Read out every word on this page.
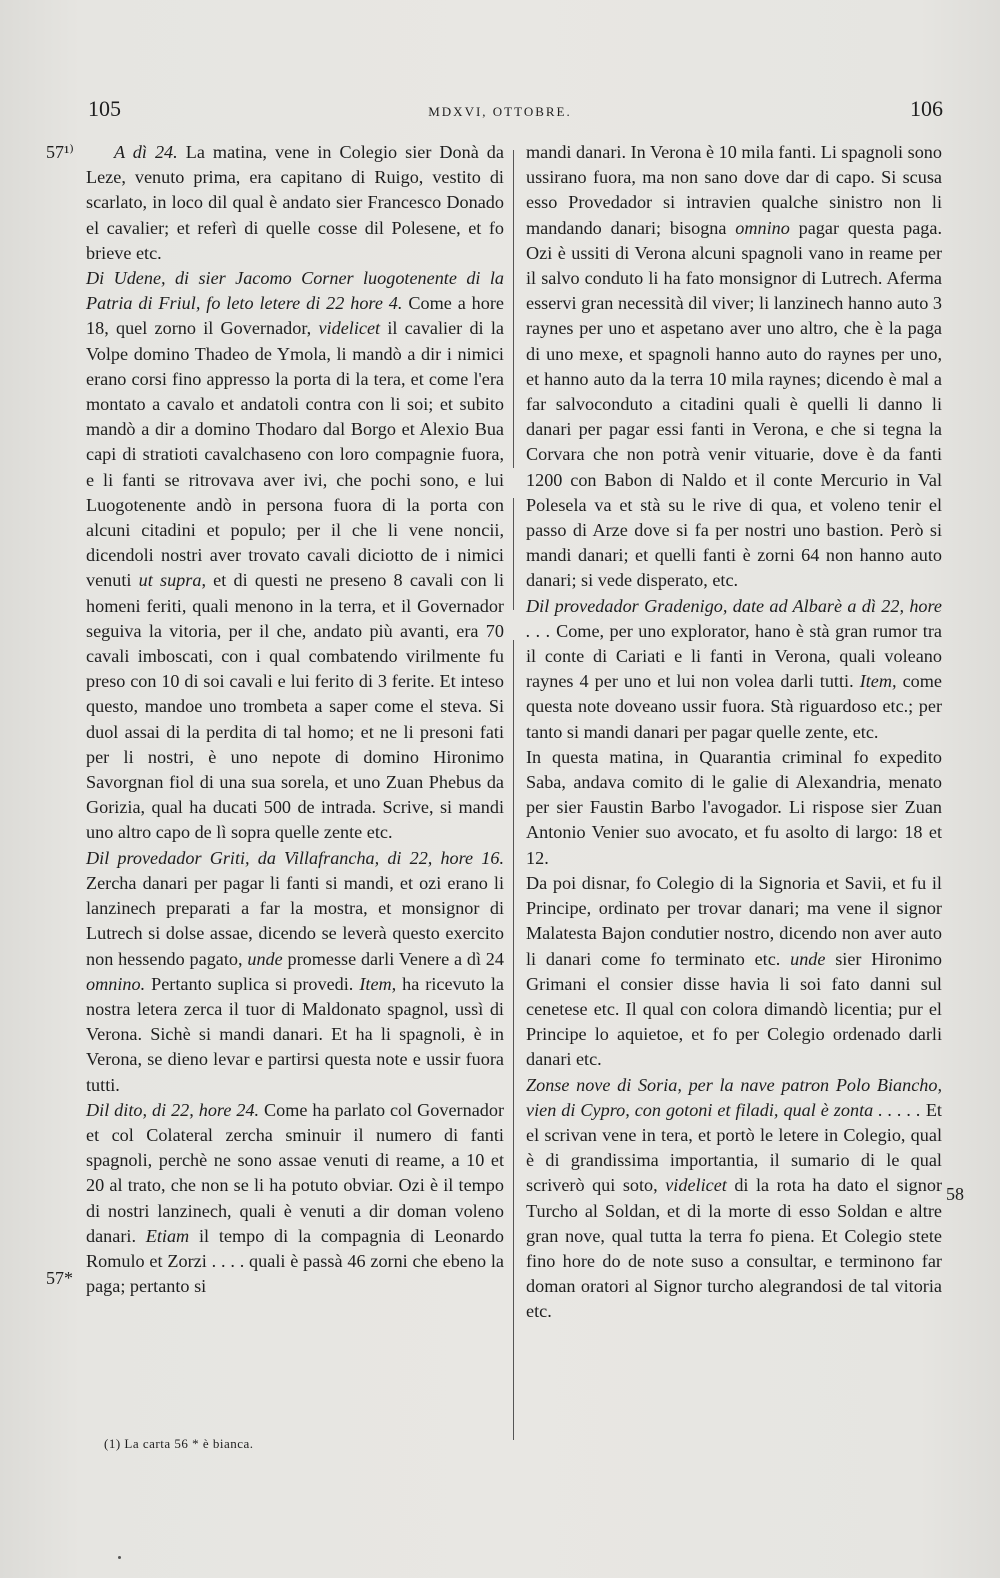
105	MDXVI, OTTOBRE.	106
57¹⁾
57*
58

A dì 24. La matina, vene in Colegio sier Donà da Leze, venuto prima, era capitano di Ruigo, vestito di scarlato, in loco dil qual è andato sier Francesco Donado el cavalier; et referì di quelle cosse dil Polesene, et fo brieve etc.

Di Udene, di sier Jacomo Corner luogotenente di la Patria di Friul, fo leto letere di 22 hore 4. Come a hore 18, quel zorno il Governador, videlicet il cavalier di la Volpe domino Thadeo de Ymola, li mandò a dir i nimici erano corsi fino appresso la porta di la tera, et come l'era montato a cavalo et andatoli contra con li soi; et subito mandò a dir a domino Thodaro dal Borgo et Alexio Bua capi di stratioti cavalchaseno con loro compagnie fuora, e li fanti se ritrovava aver ivi, che pochi sono, e lui Luogotenente andò in persona fuora di la porta con alcuni citadini et populo; per il che li vene noncii, dicendoli nostri aver trovato cavali diciotto de i nimici venuti ut supra, et di questi ne preseno 8 cavali con li homeni feriti, quali menono in la terra, et il Governador seguiva la vitoria, per il che, andato più avanti, era 70 cavali imboscati, con i qual combatendo virilmente fu preso con 10 di soi cavali e lui ferito di 3 ferite. Et inteso questo, mandoe uno trombeta a saper come el steva. Si duol assai di la perdita di tal homo; et ne li presoni fati per li nostri, è uno nepote di domino Hironimo Savorgnan fiol di una sua sorela, et uno Zuan Phebus da Gorizia, qual ha ducati 500 de intrada. Scrive, si mandi uno altro capo de lì sopra quelle zente etc.

Dil provedador Griti, da Villafrancha, di 22, hore 16. Zercha danari per pagar li fanti si mandi, et ozi erano li lanzinech preparati a far la mostra, et monsignor di Lutrech si dolse assae, dicendo se leverà questo exercito non hessendo pagato, unde promesse darli Venere a dì 24 omnino. Pertanto suplica si provedi. Item, ha ricevuto la nostra letera zerca il tuor di Maldonato spagnol, ussì di Verona. Sichè si mandi danari. Et ha li spagnoli, è in Verona, se dieno levar e partirsi questa note e ussir fuora tutti.

Dil dito, di 22, hore 24. Come ha parlato col Governador et col Colateral zercha sminuir il numero di fanti spagnoli, perchè ne sono assae venuti di reame, a 10 et 20 al trato, che non se li ha potuto obviar. Ozi è il tempo di nostri lanzinech, quali è venuti a dir doman voleno danari. Etiam il tempo di la compagnia di Leonardo Romulo et Zorzi . . . . quali è passà 46 zorni che ebeno la paga; pertanto si

(1) La carta 56 * è bianca.

mandi danari. In Verona è 10 mila fanti. Li spagnoli sono ussirano fuora, ma non sano dove dar di capo. Si scusa esso Provedador si intravien qualche sinistro non li mandando danari; bisogna omnino pagar questa paga. Ozi è ussiti di Verona alcuni spagnoli vano in reame per il salvo conduto li ha fato monsignor di Lutrech. Aferma esservi gran necessità dil viver; li lanzinech hanno auto 3 raynes per uno et aspetano aver uno altro, che è la paga di uno mexe, et spagnoli hanno auto do raynes per uno, et hanno auto da la terra 10 mila raynes; dicendo è mal a far salvoconduto a citadini quali è quelli li danno li danari per pagar essi fanti in Verona, e che si tegna la Corvara che non potrà venir vituarie, dove è da fanti 1200 con Babon di Naldo et il conte Mercurio in Val Polesela va et stà su le rive di qua, et voleno tenir el passo di Arze dove si fa per nostri uno bastion. Però si mandi danari; et quelli fanti è zorni 64 non hanno auto danari; si vede disperato, etc.

Dil provedador Gradenigo, date ad Albarè a dì 22, hore . . . Come, per uno explorator, hano è stà gran rumor tra il conte di Cariati e li fanti in Verona, quali voleano raynes 4 per uno et lui non volea darli tutti. Item, come questa note doveano ussir fuora. Stà riguardoso etc.; per tanto si mandi danari per pagar quelle zente, etc.

In questa matina, in Quarantia criminal fo expedito Saba, andava comito di le galie di Alexandria, menato per sier Faustin Barbo l'avogador. Li rispose sier Zuan Antonio Venier suo avocato, et fu asolto di largo: 18 et 12.

Da poi disnar, fo Colegio di la Signoria et Savii, et fu il Principe, ordinato per trovar danari; ma vene il signor Malatesta Bajon condutier nostro, dicendo non aver auto li danari come fo terminato etc. unde sier Hironimo Grimani el consier disse havia li soi fato danni sul cenetese etc. Il qual con colora dimandò licentia; pur el Principe lo aquietoe, et fo per Colegio ordenado darli danari etc.

Zonse nove di Soria, per la nave patron Polo Biancho, vien di Cypro, con gotoni et filadi, qual è zonta . . . . . Et el scrivan vene in tera, et portò le letere in Colegio, qual è di grandissima importantia, il sumario di le qual scriverò qui soto, videlicet di la rota ha dato el signor Turcho al Soldan, et di la morte di esso Soldan e altre gran nove, qual tutta la terra fo piena. Et Colegio stete fino hore do de note suso a consultar, e terminono far doman oratori al Signor turcho alegrandosi de tal vitoria etc.
